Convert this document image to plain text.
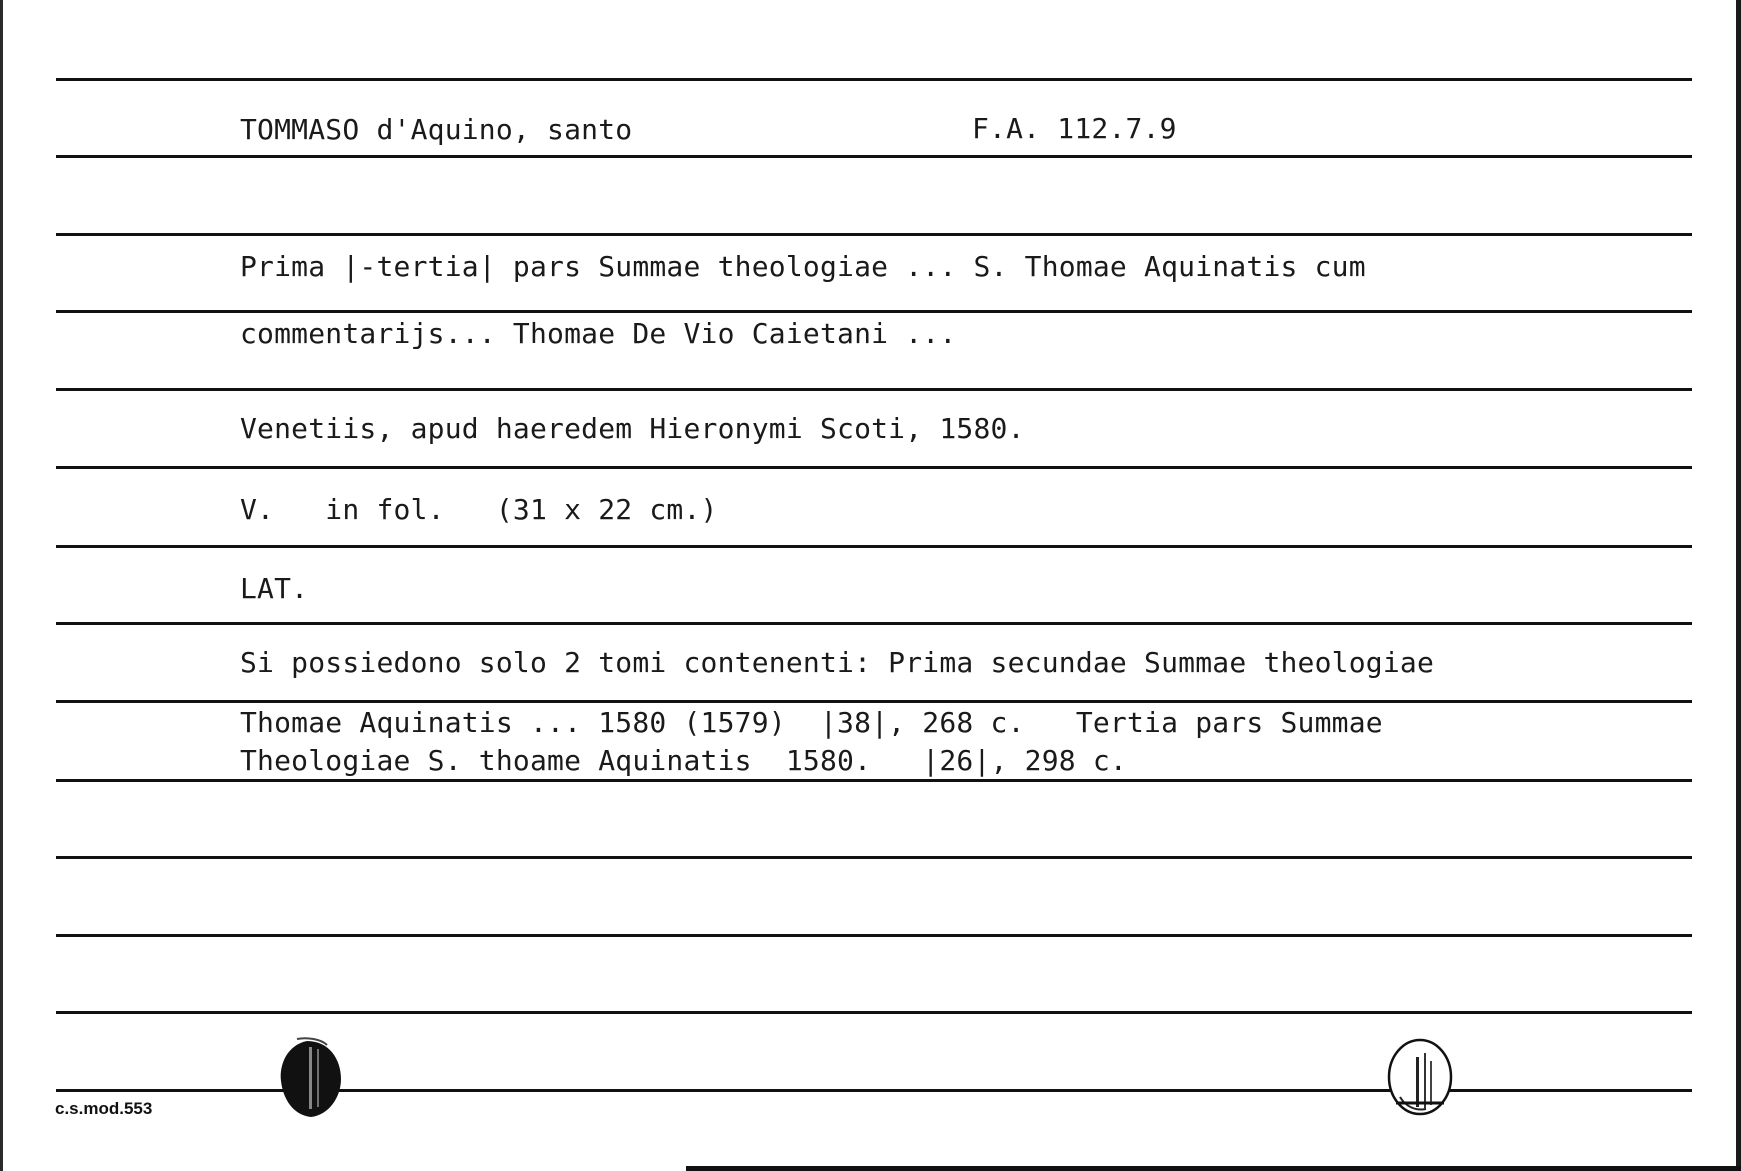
TOMMASO d'Aquino, santo	F.A. 112.7.9
Prima |-tertia| pars Summae theologiae ... S. Thomae Aquinatis cum
commentarijs... Thomae De Vio Caietani ...
Venetiis, apud haeredem Hieronymi Scoti, 1580.
V.   in fol.   (31 x 22 cm.)
LAT.
Si possiedono solo 2 tomi contenenti: Prima secundae Summae theologiae
Thomae Aquinatis ... 1580 (1579)  |38|, 268 c.   Tertia pars Summae
Theologiae S. thoame Aquinatis  1580.   |26|, 298 c.
c.s.mod.553
